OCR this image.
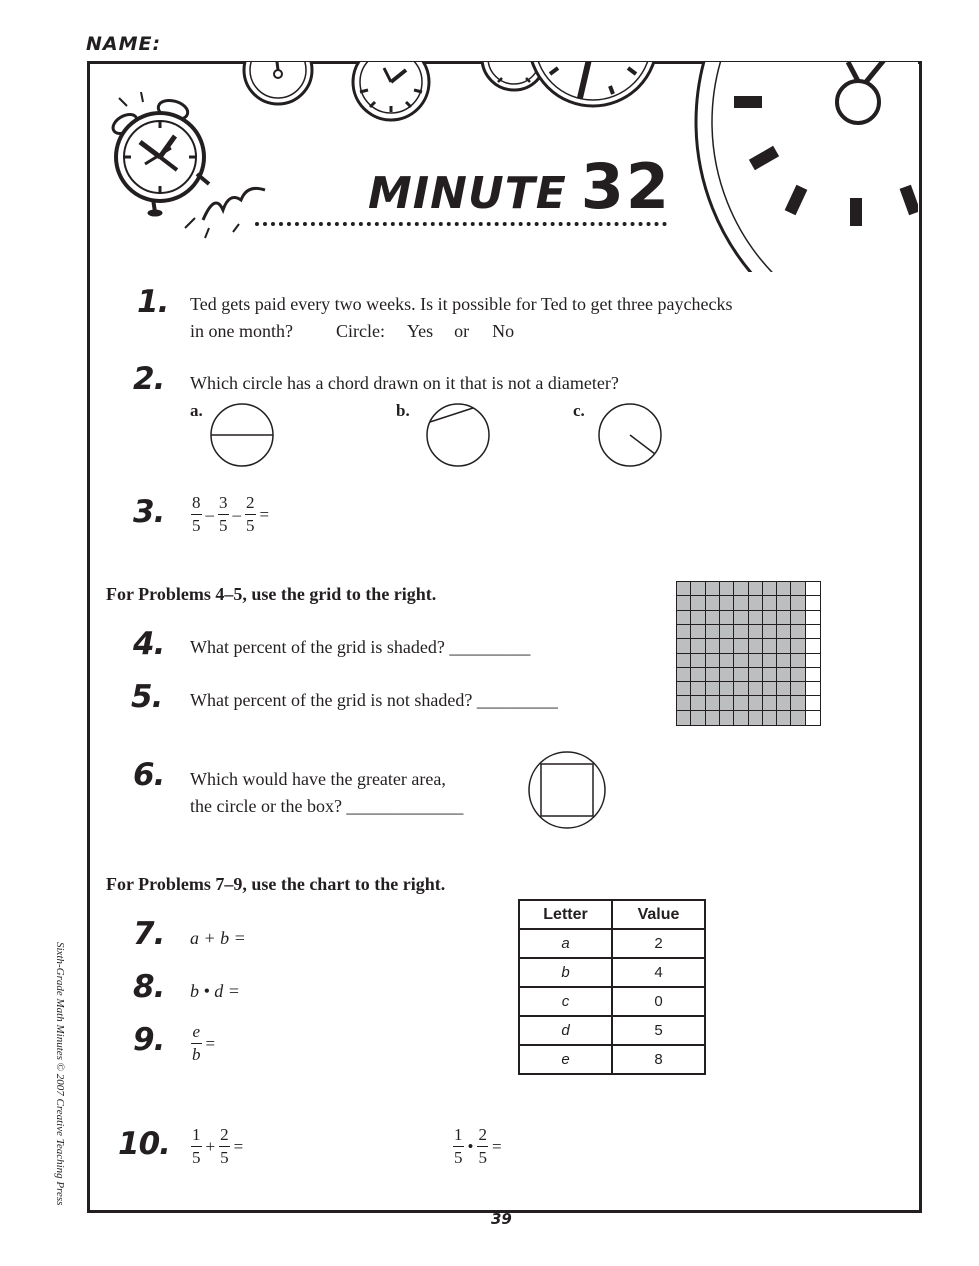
NAME:
MINUTE 32
1. Ted gets paid every two weeks. Is it possible for Ted to get three paychecks
in one month? Circle: Yes or No
2. Which circle has a chord drawn on it that is not a diameter?
a.	b.	c.
3. $\frac{8}{5} - \frac{3}{5} - \frac{2}{5}$ =
For Problems 4–5, use the grid to the right.
4. What percent of the grid is shaded? _________
5. What percent of the grid is not shaded? _________
6. Which would have the greater area,
the circle or the box? _____________
For Problems 7–9, use the chart to the right.
Letter	Value
a	2
b	4
c	0
d	5
e	8
7. a + b =
8. b • d =
9. $\frac{e}{b}$ =
10. $\frac{1}{5} + \frac{2}{5}$ =	$\frac{1}{5}$ • $\frac{2}{5}$ =
Sixth-Grade Math Minutes © 2007 Creative Teaching Press
39
